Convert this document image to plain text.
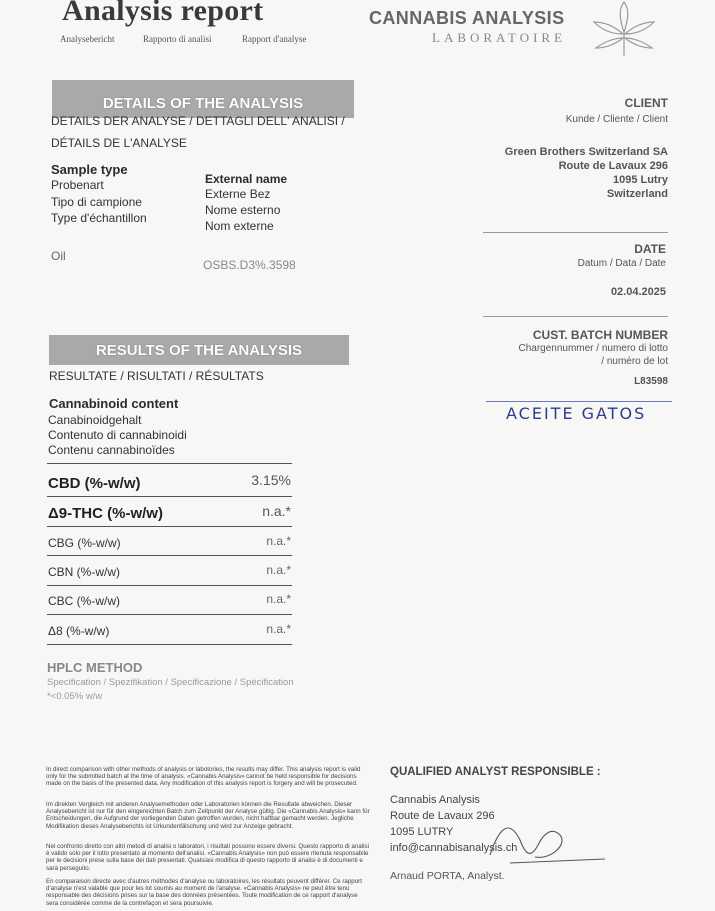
Analysis report
Analysebericht	Rapporto di analisi	Rapport d'analyse
CANNABIS ANALYSIS
LABORATOIRE
DETAILS OF THE ANALYSIS
DETAILS DER ANALYSE / DETTAGLI DELL' ANALISI /
DÉTAILS DE L'ANALYSE
Sample type
Probenart
Tipo di campione
Type d'échantillon
Oil
External name
Externe Bez
Nome esterno
Nom externe
OSBS.D3%.3598
CLIENT
Kunde / Cliente / Client
Green Brothers Switzerland SA
Route de Lavaux 296
1095 Lutry
Switzerland
DATE
Datum / Data / Date
02.04.2025
CUST. BATCH NUMBER
Chargennummer / numero di lotto
/ numéro de lot
L83598
ACEITE GATOS
RESULTS OF THE ANALYSIS
RESULTATE / RISULTATI / RÉSULTATS
Cannabinoid content
Canabinoidgehalt
Contenuto di cannabinoidi
Contenu cannabinoïdes
CBD (%-w/w)	3.15%
Δ9-THC (%-w/w)	n.a.*
CBG (%-w/w)	n.a.*
CBN (%-w/w)	n.a.*
CBC (%-w/w)	n.a.*
Δ8 (%-w/w)	n.a.*
HPLC METHOD
Specification / Spezifikation / Specificazione / Spécification
*<0.05% w/w
In direct comparison with other methods of analysis or labotories, the results may differ. This analysis report is valid only for the submitted batch at the time of analysis. «Cannabis Analysis» cannot be held responsible for decisions made on the basis of the presented data. Any modification of this analysis report is forgery and will be prosecuted.
Im direkten Vergleich mit anderen Analysemethoden oder Laboratorien können die Resultate abweichen. Dieser Analysebericht ist nur für den eingereichten Batch zum Zeitpunkt der Analyse gültig. Die «Cannabis Analysis» kann für Entscheidungen, die Aufgrund der vorliegenden Daten getroffen wurden, nicht haftbar gemacht werden. Jegliche Modifikation dieses Analyseberichts ist Urkundenfälschung und wird zur Anzeige gebracht.
Nel confronto diretto con altri metodi di analisi o laboratori, i risultati possono essere diversi. Questo rapporto di analisi è valido solo per il lotto presentato al momento dell'analisi. «Cannabis Analysis» non può essere ritenuta responsabile per le decisioni prese sulla base dei dati presentati. Qualsiasi modifica di questo rapporto di analisi è di documenti e sarà perseguito.
En comparaison directe avec d'autres méthodes d'analyse ou laboratoires, les résultats peuvent différer. Ce rapport d'analyse n'est valable que pour les lot soumis au moment de l'analyse. «Cannabis Analysis» ne peut être tenu responsable des décisions prises sur la base des données présentées. Toute modification de ce rapport d'analyse sera considérée comme de la contrefaçon et sera poursuivie.
QUALIFIED ANALYST RESPONSIBLE :
Cannabis Analysis
Route de Lavaux 296
1095 LUTRY
info@cannabisanalysis.ch
Arnaud PORTA, Analyst.
